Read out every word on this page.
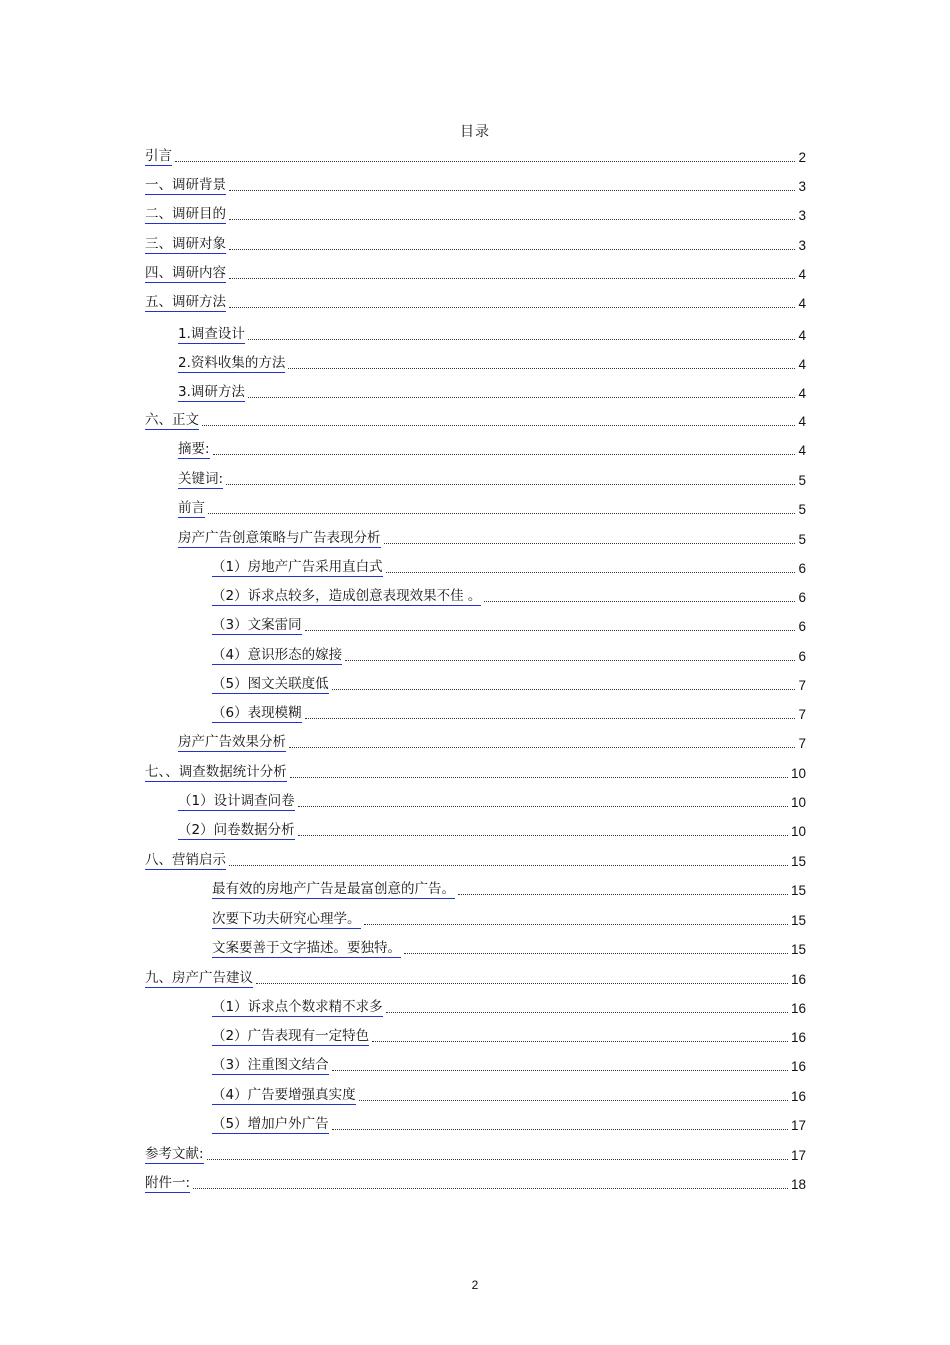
目录
引言	2
一、调研背景	3
二、调研目的	3
三、调研对象	3
四、调研内容	4
五、调研方法	4
1.调查设计	4
2.资料收集的方法	4
3.调研方法	4
六、正文	4
摘要:	4
关键词:	5
前言	5
房产广告创意策略与广告表现分析	5
（1）房地产广告采用直白式	6
（2）诉求点较多，造成创意表现效果不佳 。	6
（3）文案雷同	6
（4）意识形态的嫁接	6
（5）图文关联度低	7
（6）表现模糊	7
房产广告效果分析	7
七、、调查数据统计分析	10
（1）设计调查问卷	10
（2）问卷数据分析	10
八、营销启示	15
最有效的房地产广告是最富创意的广告。	15
次要下功夫研究心理学。	15
文案要善于文字描述。要独特。	15
九、房产广告建议	16
（1）诉求点个数求精不求多	16
（2）广告表现有一定特色	16
（3）注重图文结合	16
（4）广告要增强真实度	16
（5）增加户外广告	17
参考文献:	17
附件一:	18
2
